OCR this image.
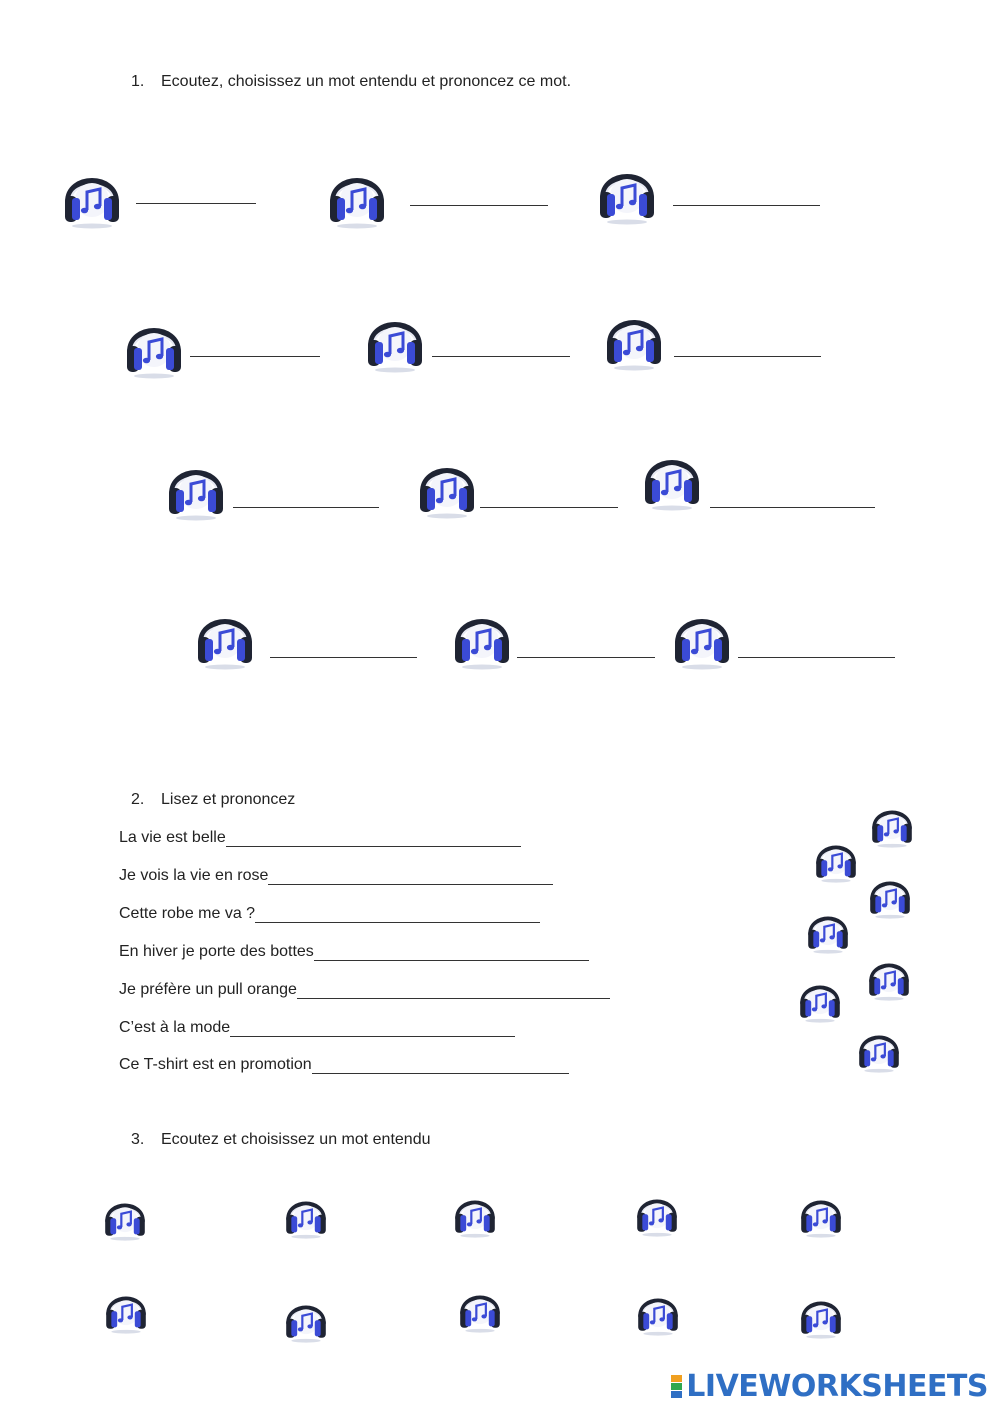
1. Ecoutez, choisissez un mot entendu et prononcez ce mot.
2. Lisez et prononcez
La vie est belle
Je vois la vie en rose
Cette robe me va ?
En hiver je porte des bottes
Je préfère un pull orange
C’est à la mode
Ce T-shirt est en promotion
3. Ecoutez et choisissez un mot entendu
LIVEWORKSHEETS
